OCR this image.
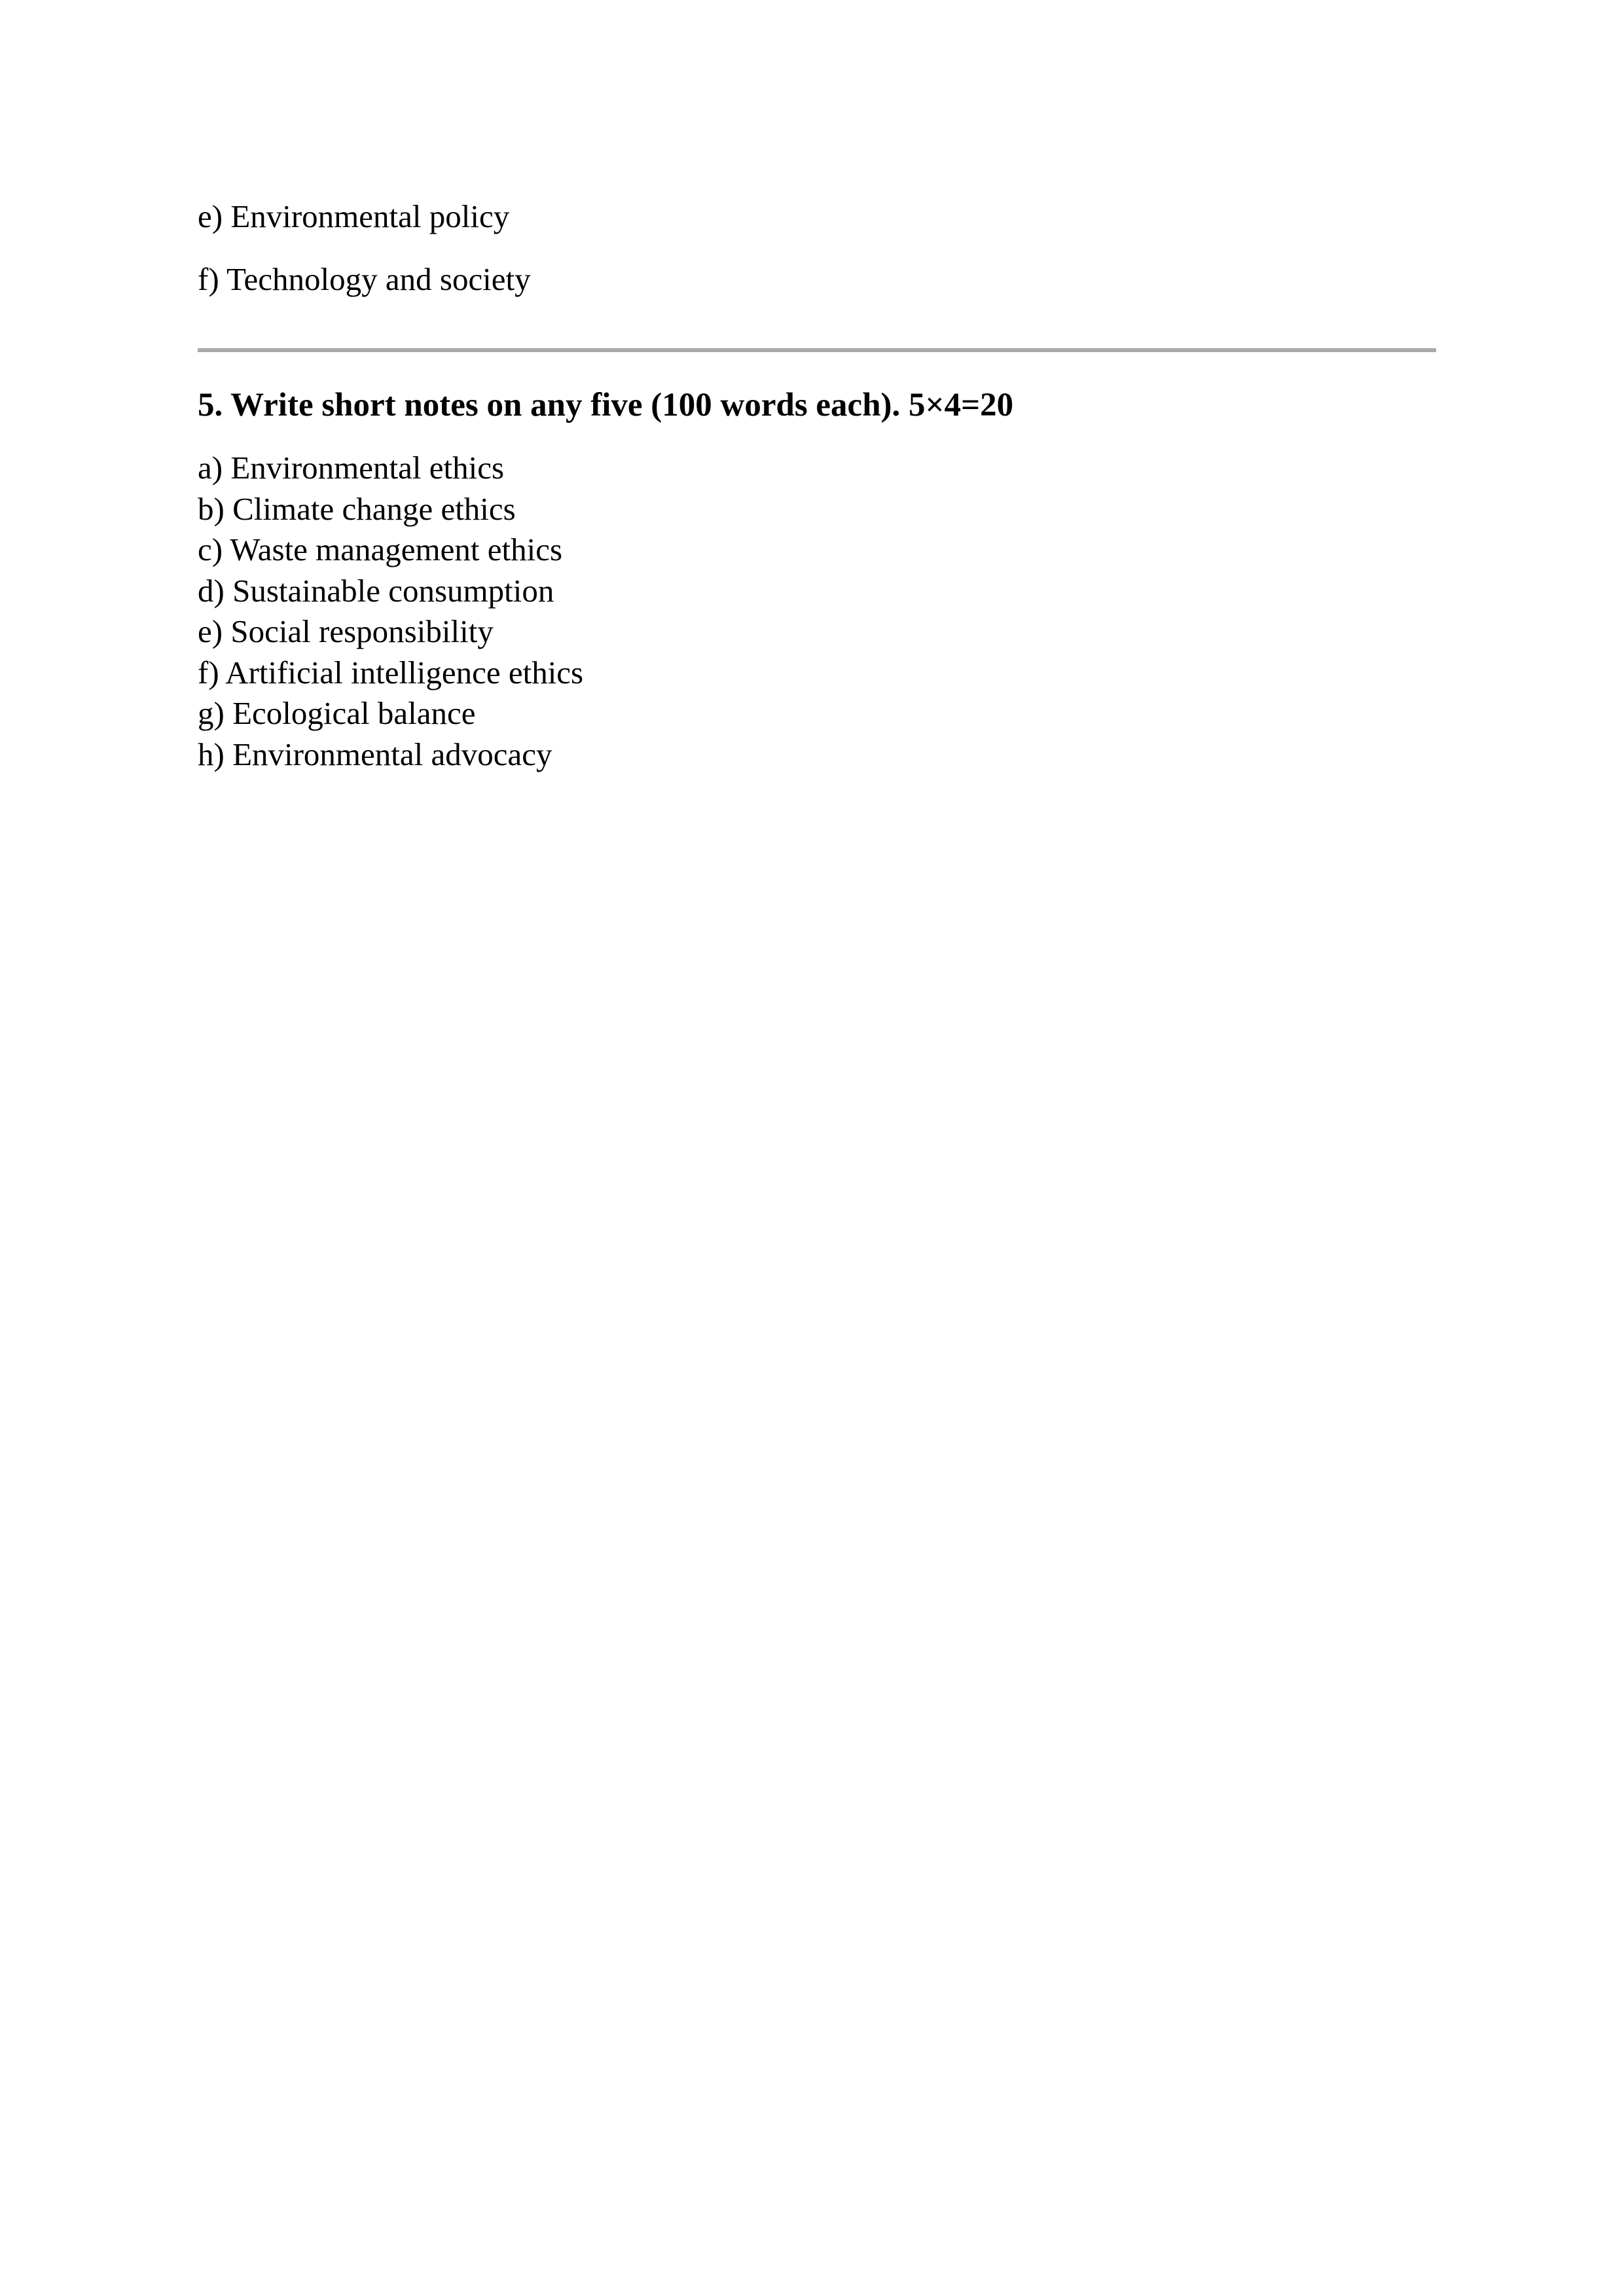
e) Environmental policy
f) Technology and society
5. Write short notes on any five (100 words each). 5×4=20
a) Environmental ethics
b) Climate change ethics
c) Waste management ethics
d) Sustainable consumption
e) Social responsibility
f) Artificial intelligence ethics
g) Ecological balance
h) Environmental advocacy
